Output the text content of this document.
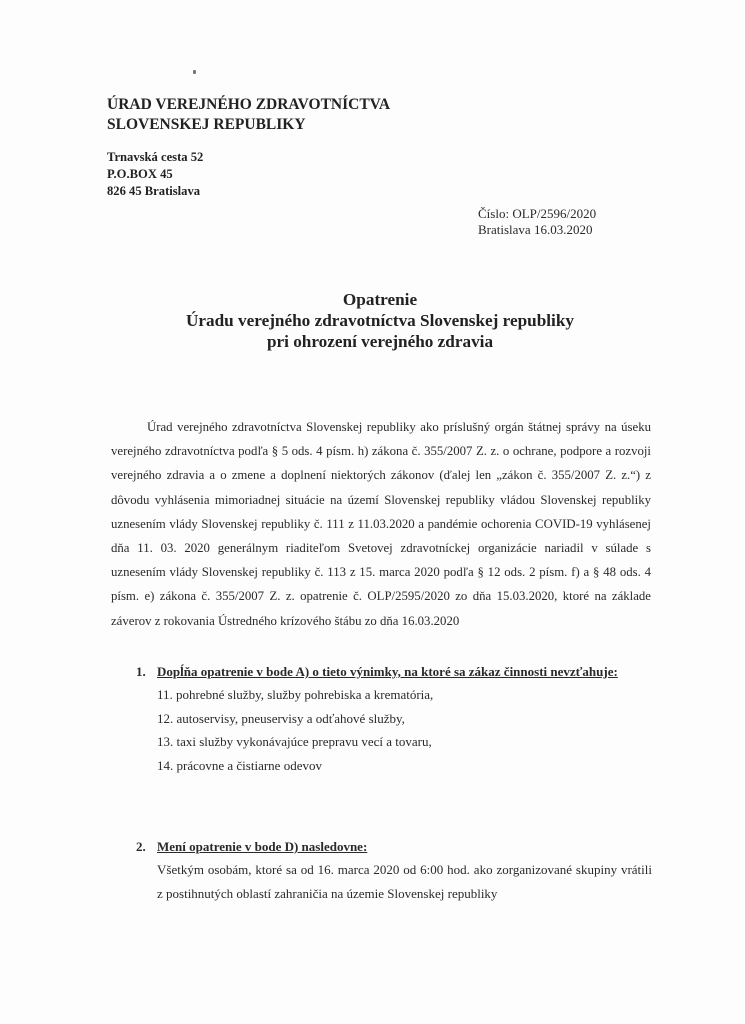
ÚRAD VEREJNÉHO ZDRAVOTNÍCTVA
SLOVENSKEJ REPUBLIKY
Trnavská cesta 52
P.O.BOX 45
826 45 Bratislava
Číslo: OLP/2596/2020
Bratislava 16.03.2020
Opatrenie
Úradu verejného zdravotníctva Slovenskej republiky
pri ohrození verejného zdravia
Úrad verejného zdravotníctva Slovenskej republiky ako príslušný orgán štátnej správy na úseku verejného zdravotníctva podľa § 5 ods. 4 písm. h) zákona č. 355/2007 Z. z. o ochrane, podpore a rozvoji verejného zdravia a o zmene a doplnení niektorých zákonov (ďalej len „zákon č. 355/2007 Z. z.“) z dôvodu vyhlásenia mimoriadnej situácie na území Slovenskej republiky vládou Slovenskej republiky uznesením vlády Slovenskej republiky č. 111 z 11.03.2020 a pandémie ochorenia COVID-19 vyhlásenej dňa 11. 03. 2020 generálnym riaditeľom Svetovej zdravotníckej organizácie nariadil v súlade s uznesením vlády Slovenskej republiky č. 113 z 15. marca 2020 podľa § 12 ods. 2 písm. f) a § 48 ods. 4 písm. e) zákona č. 355/2007 Z. z. opatrenie č. OLP/2595/2020 zo dňa 15.03.2020, ktoré na základe záverov z rokovania Ústredného krízového štábu zo dňa 16.03.2020
1. Dopĺňa opatrenie v bode A) o tieto výnimky, na ktoré sa zákaz činnosti nevzťahuje:
11. pohrebné služby, služby pohrebiska a krematória,
12. autoservisy, pneuservisy a odťahové služby,
13. taxi služby vykonávajúce prepravu vecí a tovaru,
14. prácovne a čistiarne odevov
2. Mení opatrenie v bode D) nasledovne:
Všetkým osobám, ktoré sa od 16. marca 2020 od 6:00 hod. ako zorganizované skupiny vrátili z postihnutých oblastí zahraničia na územie Slovenskej republiky
